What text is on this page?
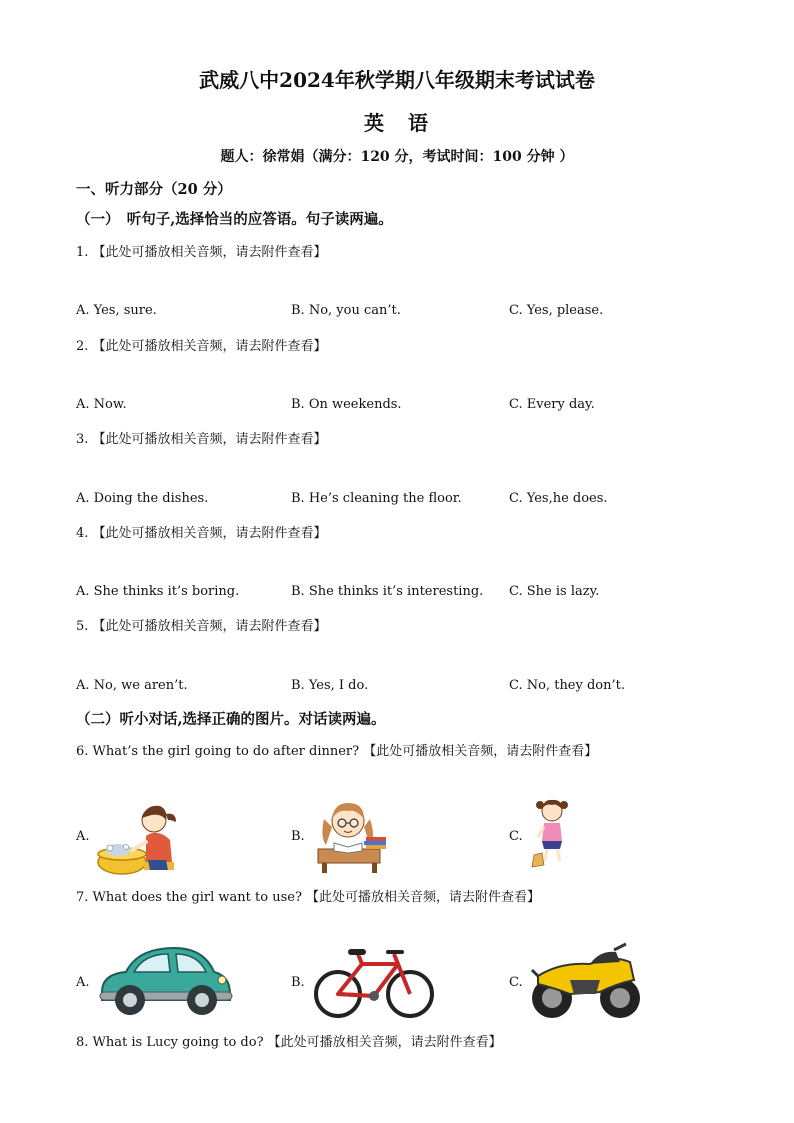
武威八中2024年秋学期八年级期末考试试卷
英　语
题人：徐常娟（满分：120 分，考试时间：100 分钟 ）
一、听力部分（20 分）
（一）　听句子,选择恰当的应答语。句子读两遍。
1. 【此处可播放相关音频，请去附件查看】
A. Yes, sure.	B. No, you can’t.	C. Yes, please.
2. 【此处可播放相关音频，请去附件查看】
A. Now.	B. On weekends.	C. Every day.
3. 【此处可播放相关音频，请去附件查看】
A. Doing the dishes.	B. He’s cleaning the floor.	C. Yes,he does.
4. 【此处可播放相关音频，请去附件查看】
A. She thinks it’s boring.	B. She thinks it’s interesting. C. She is lazy.
5. 【此处可播放相关音频，请去附件查看】
A. No, we aren’t.	B. Yes, I do.	C. No, they don’t.
（二）听小对话,选择正确的图片。对话读两遍。
6. What’s the girl going to do after dinner? 【此处可播放相关音频，请去附件查看】
A.	B.	C.
7. What does the girl want to use? 【此处可播放相关音频，请去附件查看】
A.	B.	C.
8. What is Lucy going to do? 【此处可播放相关音频，请去附件查看】
